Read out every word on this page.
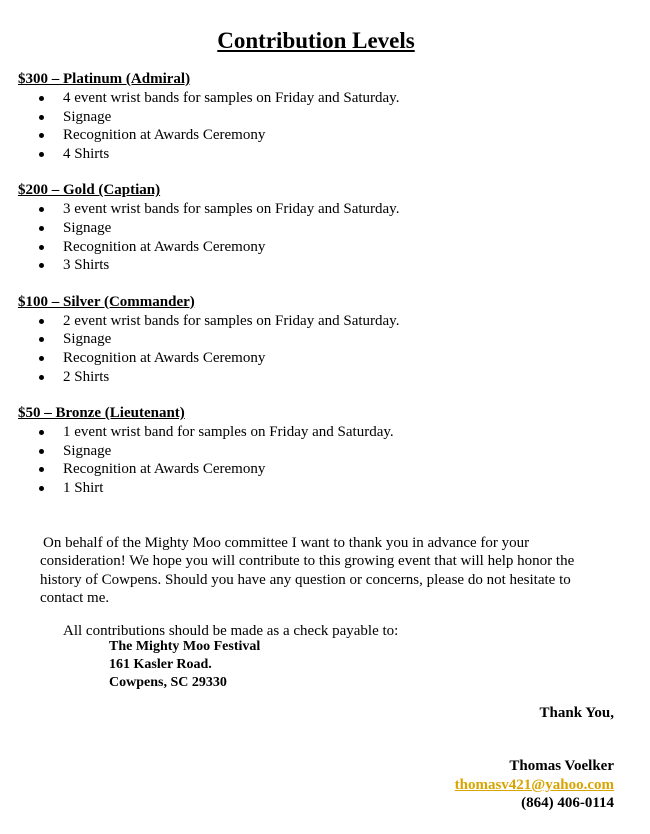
Contribution Levels
$300 – Platinum (Admiral)
4 event wrist bands for samples on Friday and Saturday.
Signage
Recognition at Awards Ceremony
4 Shirts
$200 – Gold (Captian)
3 event wrist bands for samples on Friday and Saturday.
Signage
Recognition at Awards Ceremony
3 Shirts
$100 – Silver (Commander)
2 event wrist bands for samples on Friday and Saturday.
Signage
Recognition at Awards Ceremony
2 Shirts
$50 – Bronze (Lieutenant)
1 event wrist band for samples on Friday and Saturday.
Signage
Recognition at Awards Ceremony
1 Shirt

On behalf of the Mighty Moo committee I want to thank you in advance for your consideration! We hope you will contribute to this growing event that will help honor the history of Cowpens. Should you have any question or concerns, please do not hesitate to contact me.

All contributions should be made as a check payable to:
The Mighty Moo Festival
161 Kasler Road.
Cowpens, SC 29330
Thank You,
Thomas Voelker
thomasv421@yahoo.com
(864) 406-0114
